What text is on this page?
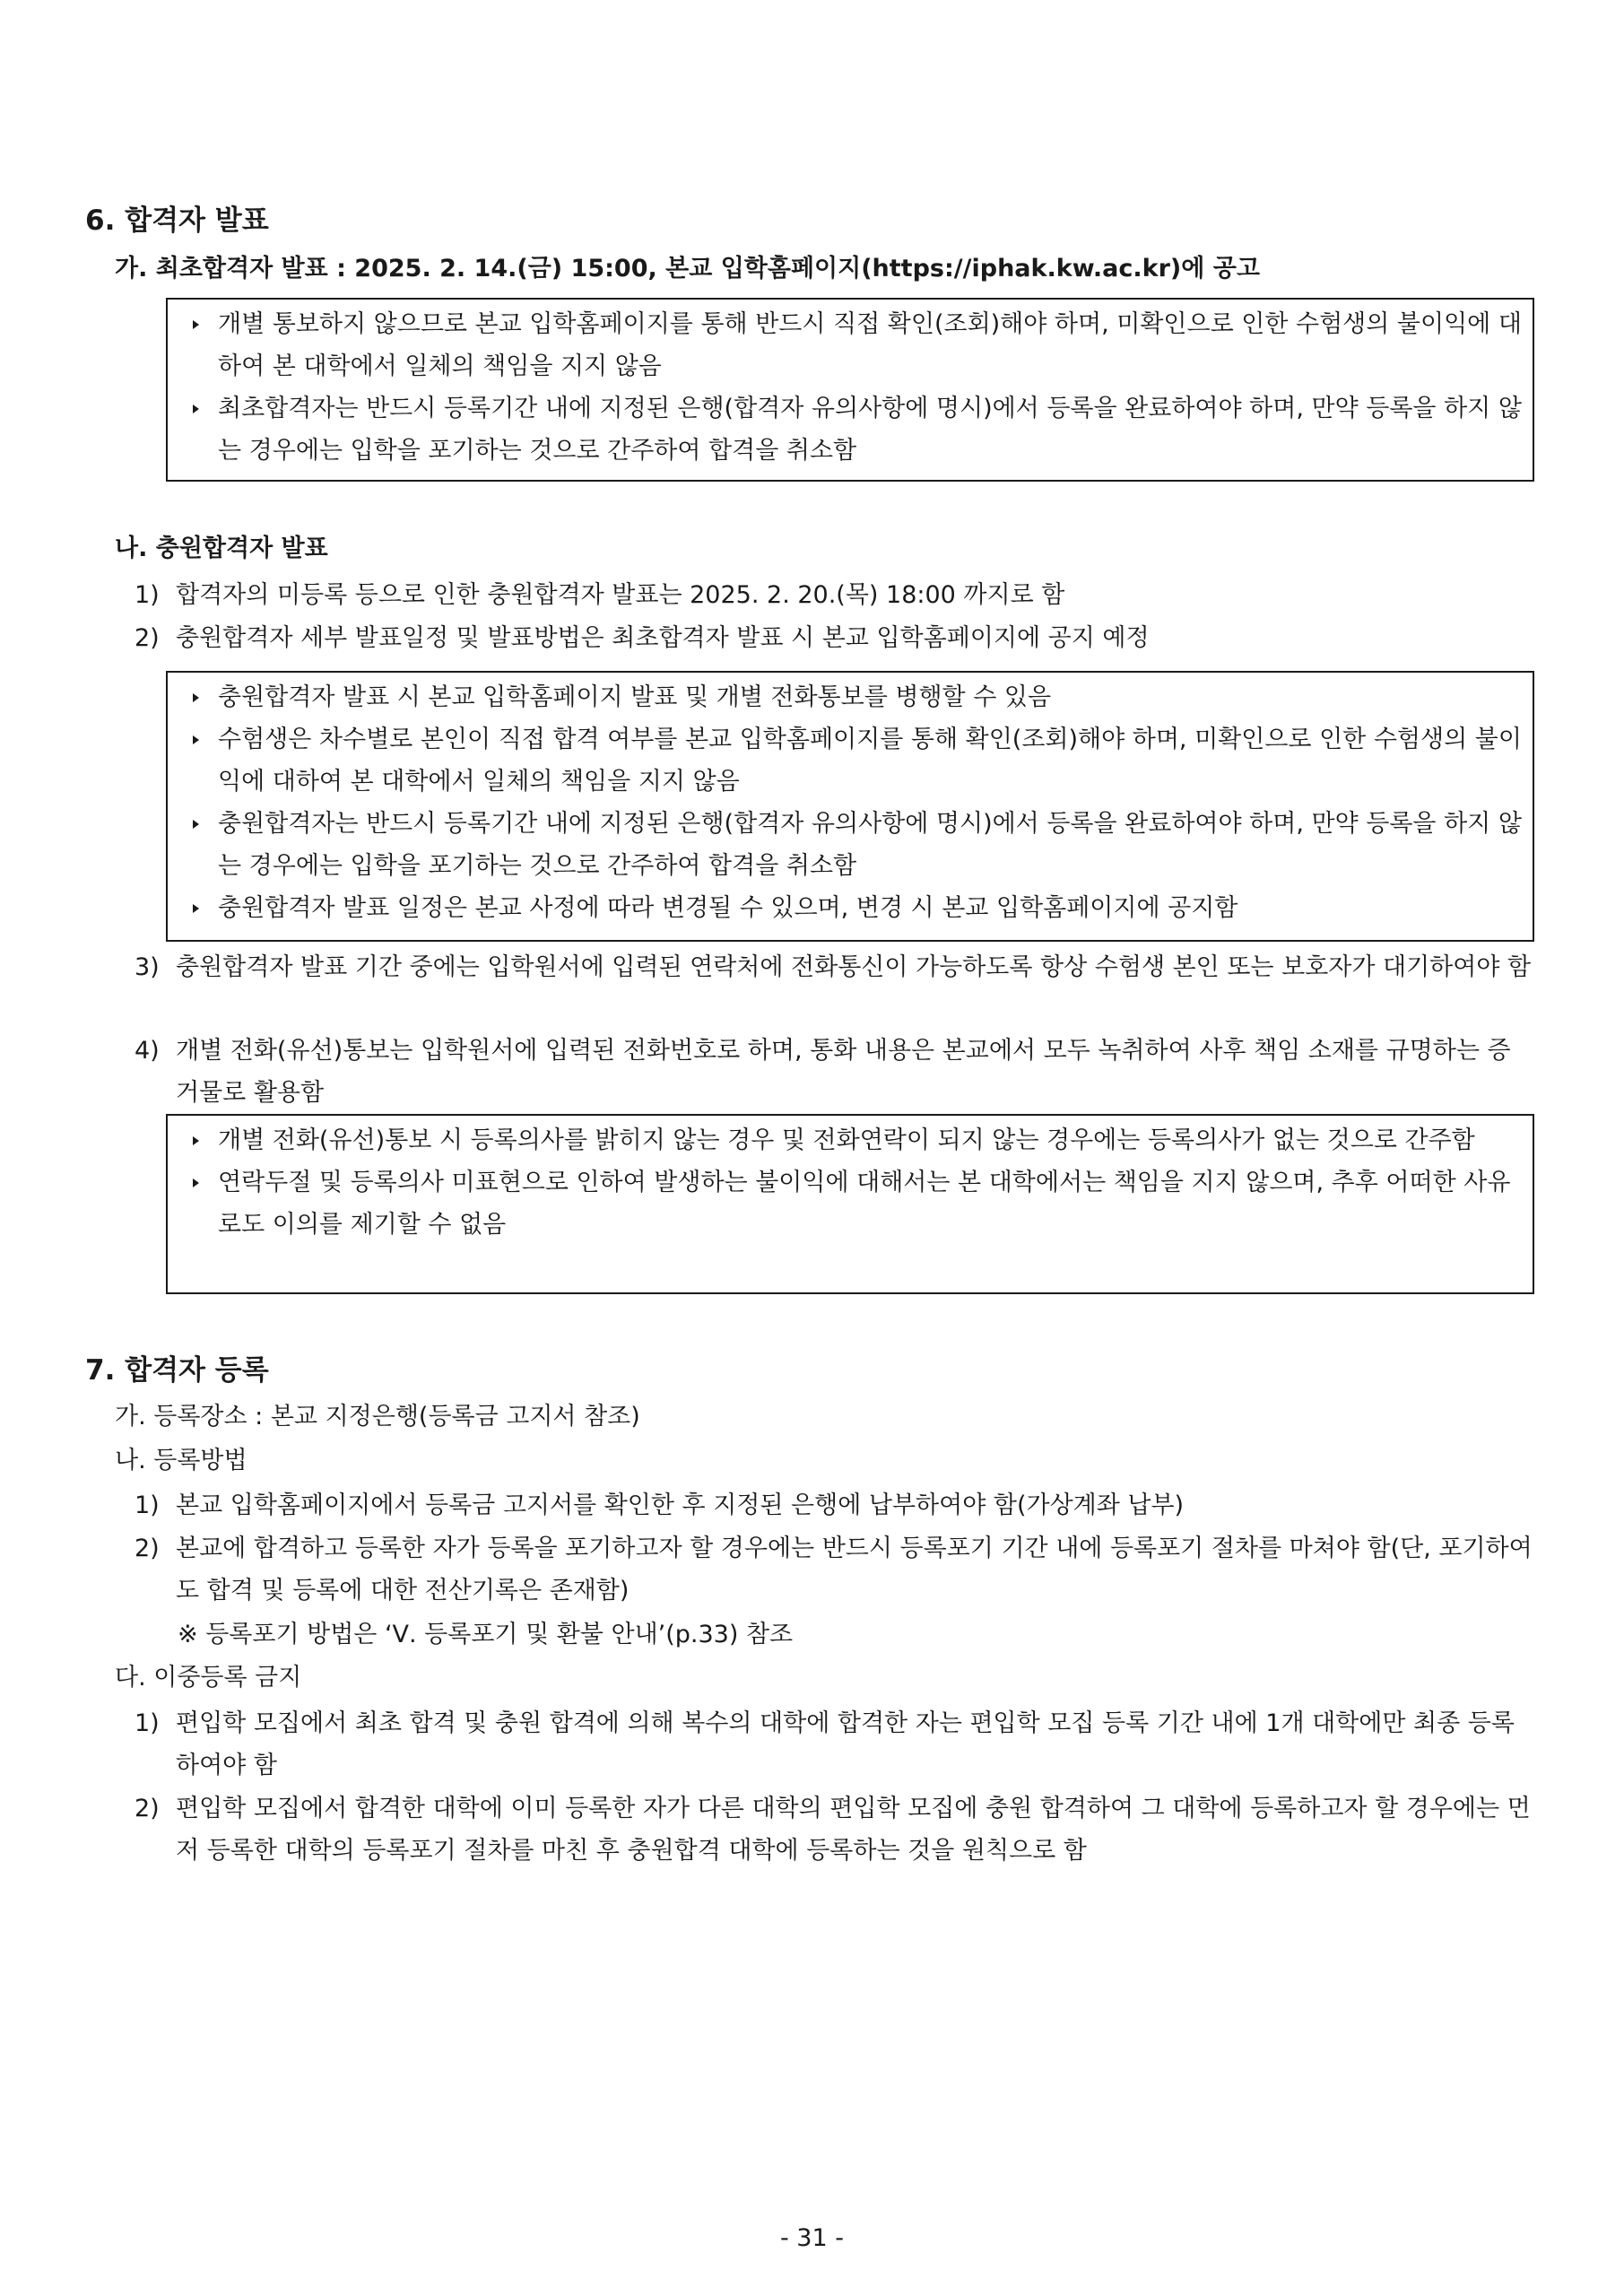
6. 합격자 발표
가. 최초합격자 발표 : 2025. 2. 14.(금) 15:00, 본교 입학홈페이지(https://iphak.kw.ac.kr)에 공고
개별 통보하지 않으므로 본교 입학홈페이지를 통해 반드시 직접 확인(조회)해야 하며, 미확인으로 인한 수험생의 불이익에 대하여 본 대학에서 일체의 책임을 지지 않음
최초합격자는 반드시 등록기간 내에 지정된 은행(합격자 유의사항에 명시)에서 등록을 완료하여야 하며, 만약 등록을 하지 않는 경우에는 입학을 포기하는 것으로 간주하여 합격을 취소함
나. 충원합격자 발표
1) 합격자의 미등록 등으로 인한 충원합격자 발표는 2025. 2. 20.(목) 18:00 까지로 함
2) 충원합격자 세부 발표일정 및 발표방법은 최초합격자 발표 시 본교 입학홈페이지에 공지 예정
충원합격자 발표 시 본교 입학홈페이지 발표 및 개별 전화통보를 병행할 수 있음
수험생은 차수별로 본인이 직접 합격 여부를 본교 입학홈페이지를 통해 확인(조회)해야 하며, 미확인으로 인한 수험생의 불이익에 대하여 본 대학에서 일체의 책임을 지지 않음
충원합격자는 반드시 등록기간 내에 지정된 은행(합격자 유의사항에 명시)에서 등록을 완료하여야 하며, 만약 등록을 하지 않는 경우에는 입학을 포기하는 것으로 간주하여 합격을 취소함
충원합격자 발표 일정은 본교 사정에 따라 변경될 수 있으며, 변경 시 본교 입학홈페이지에 공지함
3) 충원합격자 발표 기간 중에는 입학원서에 입력된 연락처에 전화통신이 가능하도록 항상 수험생 본인 또는 보호자가 대기하여야 함
4) 개별 전화(유선)통보는 입학원서에 입력된 전화번호로 하며, 통화 내용은 본교에서 모두 녹취하여 사후 책임 소재를 규명하는 증거물로 활용함
개별 전화(유선)통보 시 등록의사를 밝히지 않는 경우 및 전화연락이 되지 않는 경우에는 등록의사가 없는 것으로 간주함
연락두절 및 등록의사 미표현으로 인하여 발생하는 불이익에 대해서는 본 대학에서는 책임을 지지 않으며, 추후 어떠한 사유로도 이의를 제기할 수 없음
7. 합격자 등록
가. 등록장소 : 본교 지정은행(등록금 고지서 참조)
나. 등록방법
1) 본교 입학홈페이지에서 등록금 고지서를 확인한 후 지정된 은행에 납부하여야 함(가상계좌 납부)
2) 본교에 합격하고 등록한 자가 등록을 포기하고자 할 경우에는 반드시 등록포기 기간 내에 등록포기 절차를 마쳐야 함(단, 포기하여도 합격 및 등록에 대한 전산기록은 존재함)
※ 등록포기 방법은 ‘Ⅴ. 등록포기 및 환불 안내’(p.33) 참조
다. 이중등록 금지
1) 편입학 모집에서 최초 합격 및 충원 합격에 의해 복수의 대학에 합격한 자는 편입학 모집 등록 기간 내에 1개 대학에만 최종 등록하여야 함
2) 편입학 모집에서 합격한 대학에 이미 등록한 자가 다른 대학의 편입학 모집에 충원 합격하여 그 대학에 등록하고자 할 경우에는 먼저 등록한 대학의 등록포기 절차를 마친 후 충원합격 대학에 등록하는 것을 원칙으로 함
- 31 -
